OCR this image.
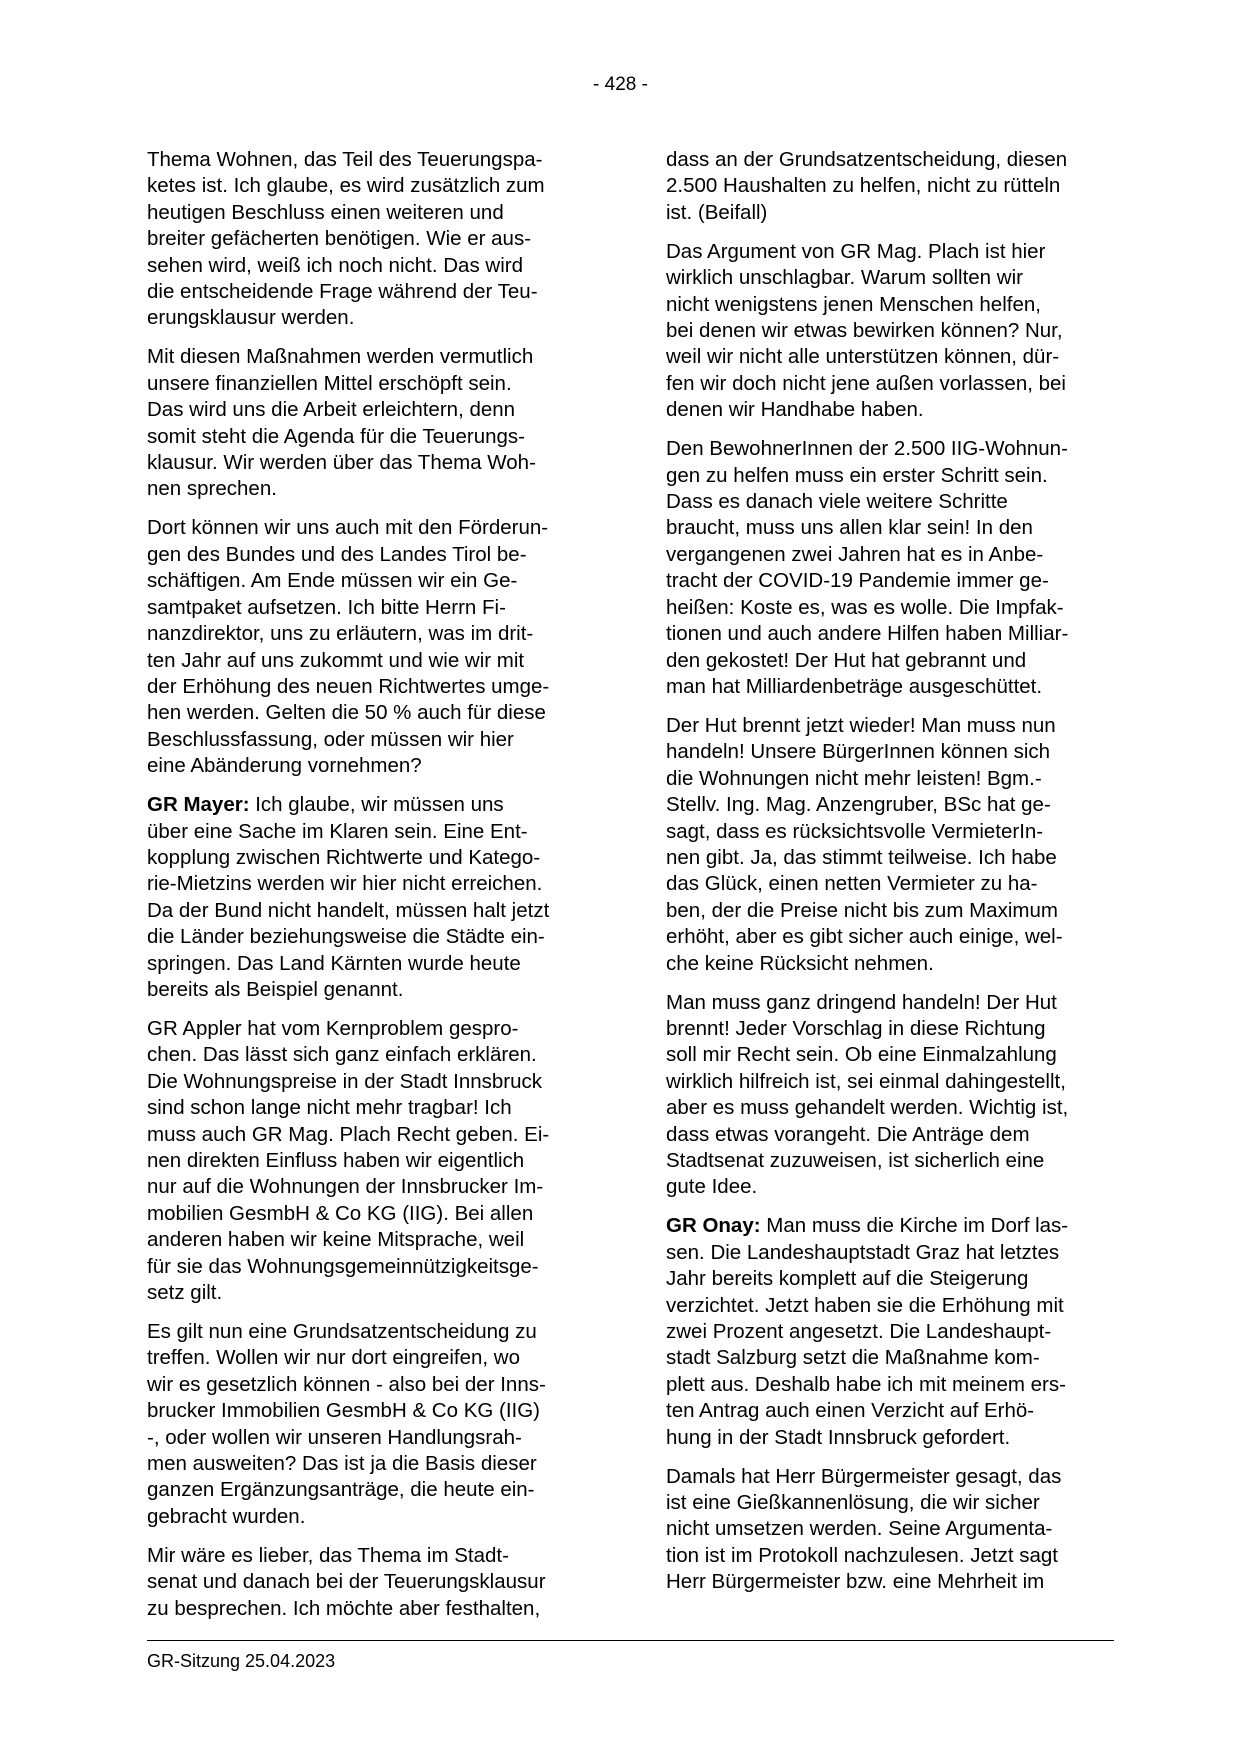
- 428 -
Thema Wohnen, das Teil des Teuerungspa-
ketes ist. Ich glaube, es wird zusätzlich zum
heutigen Beschluss einen weiteren und
breiter gefächerten benötigen. Wie er aus-
sehen wird, weiß ich noch nicht. Das wird
die entscheidende Frage während der Teu-
erungsklausur werden.
Mit diesen Maßnahmen werden vermutlich
unsere finanziellen Mittel erschöpft sein.
Das wird uns die Arbeit erleichtern, denn
somit steht die Agenda für die Teuerungs-
klausur. Wir werden über das Thema Woh-
nen sprechen.
Dort können wir uns auch mit den Förderun-
gen des Bundes und des Landes Tirol be-
schäftigen. Am Ende müssen wir ein Ge-
samtpaket aufsetzen. Ich bitte Herrn Fi-
nanzdirektor, uns zu erläutern, was im drit-
ten Jahr auf uns zukommt und wie wir mit
der Erhöhung des neuen Richtwertes umge-
hen werden. Gelten die 50 % auch für diese
Beschlussfassung, oder müssen wir hier
eine Abänderung vornehmen?
GR Mayer: Ich glaube, wir müssen uns
über eine Sache im Klaren sein. Eine Ent-
kopplung zwischen Richtwerte und Katego-
rie-Mietzins werden wir hier nicht erreichen.
Da der Bund nicht handelt, müssen halt jetzt
die Länder beziehungsweise die Städte ein-
springen. Das Land Kärnten wurde heute
bereits als Beispiel genannt.
GR Appler hat vom Kernproblem gespro-
chen. Das lässt sich ganz einfach erklären.
Die Wohnungspreise in der Stadt Innsbruck
sind schon lange nicht mehr tragbar! Ich
muss auch GR Mag. Plach Recht geben. Ei-
nen direkten Einfluss haben wir eigentlich
nur auf die Wohnungen der Innsbrucker Im-
mobilien GesmbH & Co KG (IIG). Bei allen
anderen haben wir keine Mitsprache, weil
für sie das Wohnungsgemeinnützigkeitsge-
setz gilt.
Es gilt nun eine Grundsatzentscheidung zu
treffen. Wollen wir nur dort eingreifen, wo
wir es gesetzlich können - also bei der Inns-
brucker Immobilien GesmbH & Co KG (IIG)
-, oder wollen wir unseren Handlungsrah-
men ausweiten? Das ist ja die Basis dieser
ganzen Ergänzungsanträge, die heute ein-
gebracht wurden.
Mir wäre es lieber, das Thema im Stadt-
senat und danach bei der Teuerungsklausur
zu besprechen. Ich möchte aber festhalten,
dass an der Grundsatzentscheidung, diesen
2.500 Haushalten zu helfen, nicht zu rütteln
ist. (Beifall)
Das Argument von GR Mag. Plach ist hier
wirklich unschlagbar. Warum sollten wir
nicht wenigstens jenen Menschen helfen,
bei denen wir etwas bewirken können? Nur,
weil wir nicht alle unterstützen können, dür-
fen wir doch nicht jene außen vorlassen, bei
denen wir Handhabe haben.
Den BewohnerInnen der 2.500 IIG-Wohnun-
gen zu helfen muss ein erster Schritt sein.
Dass es danach viele weitere Schritte
braucht, muss uns allen klar sein! In den
vergangenen zwei Jahren hat es in Anbe-
tracht der COVID-19 Pandemie immer ge-
heißen: Koste es, was es wolle. Die Impfak-
tionen und auch andere Hilfen haben Milliar-
den gekostet! Der Hut hat gebrannt und
man hat Milliardenbeträge ausgeschüttet.
Der Hut brennt jetzt wieder! Man muss nun
handeln! Unsere BürgerInnen können sich
die Wohnungen nicht mehr leisten! Bgm.-
Stellv. Ing. Mag. Anzengruber, BSc hat ge-
sagt, dass es rücksichtsvolle VermieterIn-
nen gibt. Ja, das stimmt teilweise. Ich habe
das Glück, einen netten Vermieter zu ha-
ben, der die Preise nicht bis zum Maximum
erhöht, aber es gibt sicher auch einige, wel-
che keine Rücksicht nehmen.
Man muss ganz dringend handeln! Der Hut
brennt! Jeder Vorschlag in diese Richtung
soll mir Recht sein. Ob eine Einmalzahlung
wirklich hilfreich ist, sei einmal dahingestellt,
aber es muss gehandelt werden. Wichtig ist,
dass etwas vorangeht. Die Anträge dem
Stadtsenat zuzuweisen, ist sicherlich eine
gute Idee.
GR Onay: Man muss die Kirche im Dorf las-
sen. Die Landeshauptstadt Graz hat letztes
Jahr bereits komplett auf die Steigerung
verzichtet. Jetzt haben sie die Erhöhung mit
zwei Prozent angesetzt. Die Landeshaupt-
stadt Salzburg setzt die Maßnahme kom-
plett aus. Deshalb habe ich mit meinem ers-
ten Antrag auch einen Verzicht auf Erhö-
hung in der Stadt Innsbruck gefordert.
Damals hat Herr Bürgermeister gesagt, das
ist eine Gießkannenlösung, die wir sicher
nicht umsetzen werden. Seine Argumenta-
tion ist im Protokoll nachzulesen. Jetzt sagt
Herr Bürgermeister bzw. eine Mehrheit im
GR-Sitzung 25.04.2023
